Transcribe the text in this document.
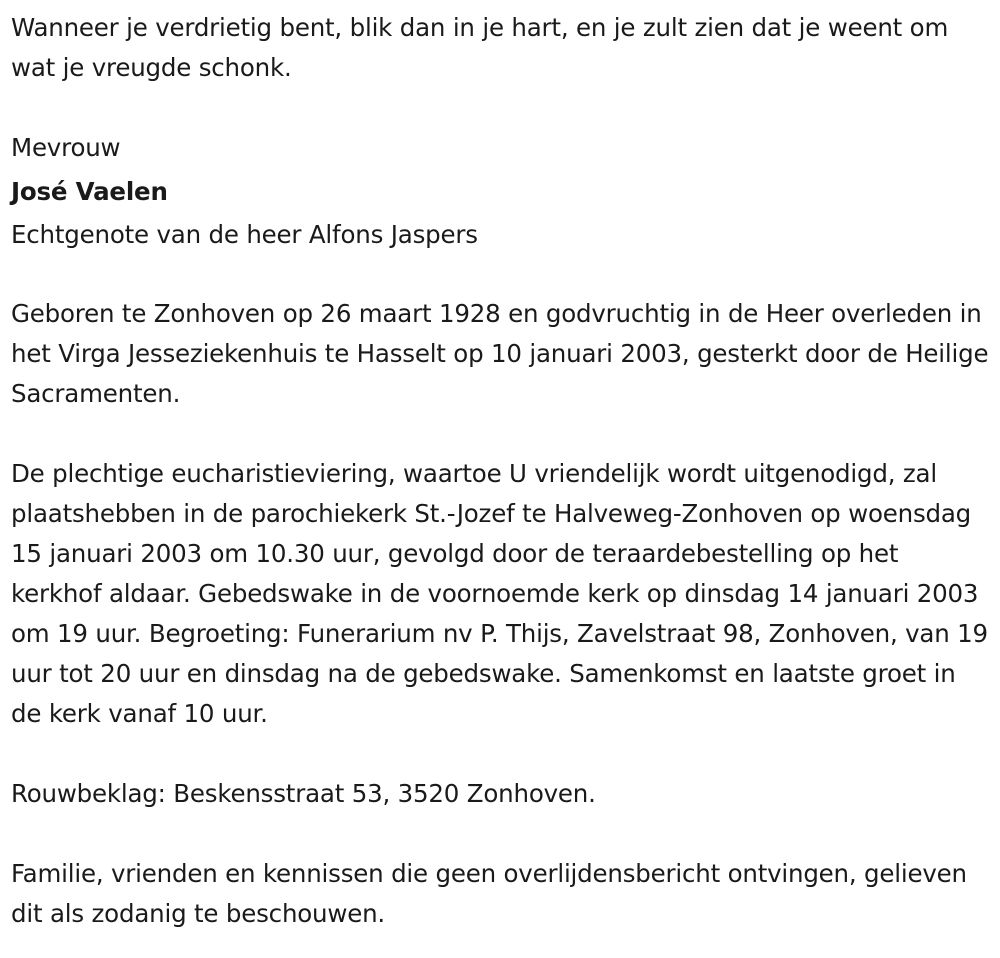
Wanneer je verdrietig bent, blik dan in je hart, en je zult zien dat je weent om wat je vreugde schonk.

Mevrouw

José Vaelen

Echtgenote van de heer Alfons Jaspers

Geboren te Zonhoven op 26 maart 1928 en godvruchtig in de Heer overleden in het Virga Jesseziekenhuis te Hasselt op 10 januari 2003, gesterkt door de Heilige Sacramenten.

De plechtige eucharistieviering, waartoe U vriendelijk wordt uitgenodigd, zal plaatshebben in de parochiekerk St.-Jozef te Halveweg-Zonhoven op woensdag 15 januari 2003 om 10.30 uur, gevolgd door de teraardebestelling op het kerkhof aldaar. Gebedswake in de voornoemde kerk op dinsdag 14 januari 2003 om 19 uur. Begroeting: Funerarium nv P. Thijs, Zavelstraat 98, Zonhoven, van 19 uur tot 20 uur en dinsdag na de gebedswake. Samenkomst en laatste groet in de kerk vanaf 10 uur.

Rouwbeklag: Beskensstraat 53, 3520 Zonhoven.

Familie, vrienden en kennissen die geen overlijdensbericht ontvingen, gelieven dit als zodanig te beschouwen.
